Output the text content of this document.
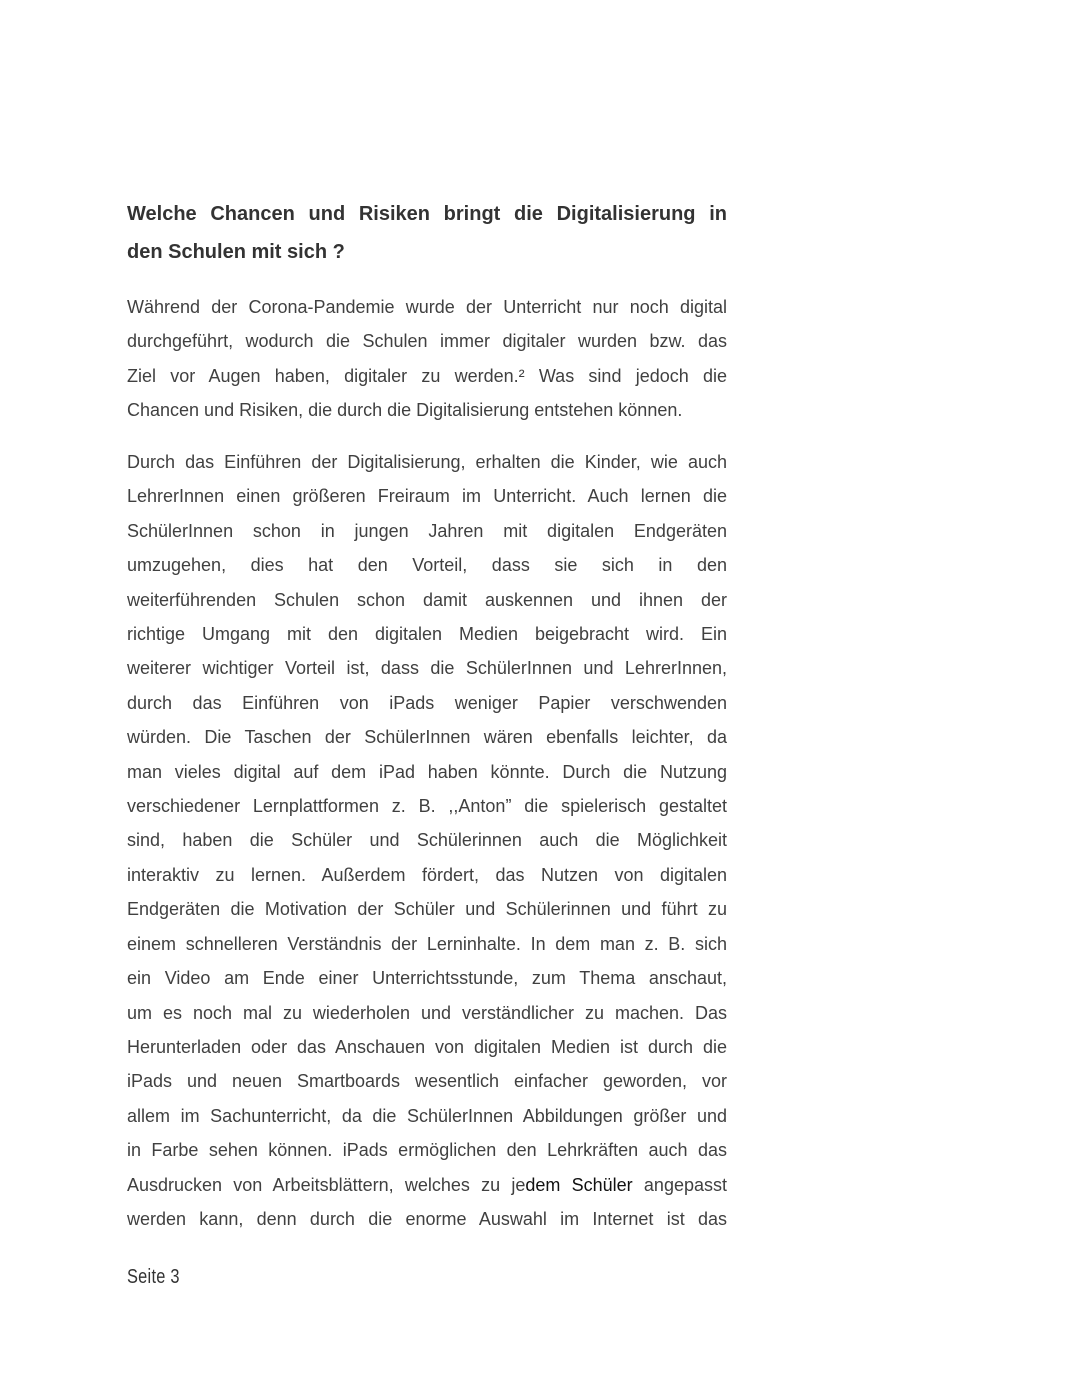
Welche Chancen und Risiken bringt die Digitalisierung in
den Schulen mit sich ?
Während der Corona-Pandemie wurde der Unterricht nur noch digital
durchgeführt, wodurch die Schulen immer digitaler wurden bzw. das
Ziel vor Augen haben, digitaler zu werden.² Was sind jedoch die
Chancen und Risiken, die durch die Digitalisierung entstehen können.
Durch das Einführen der Digitalisierung, erhalten die Kinder, wie auch
LehrerInnen einen größeren Freiraum im Unterricht. Auch lernen die
SchülerInnen schon in jungen Jahren mit digitalen Endgeräten
umzugehen, dies hat den Vorteil, dass sie sich in den
weiterführenden Schulen schon damit auskennen und ihnen der
richtige Umgang mit den digitalen Medien beigebracht wird. Ein
weiterer wichtiger Vorteil ist, dass die SchülerInnen und LehrerInnen,
durch das Einführen von iPads weniger Papier verschwenden
würden. Die Taschen der SchülerInnen wären ebenfalls leichter, da
man vieles digital auf dem iPad haben könnte. Durch die Nutzung
verschiedener Lernplattformen z. B. ,,Anton” die spielerisch gestaltet
sind, haben die Schüler und Schülerinnen auch die Möglichkeit
interaktiv zu lernen. Außerdem fördert, das Nutzen von digitalen
Endgeräten die Motivation der Schüler und Schülerinnen und führt zu
einem schnelleren Verständnis der Lerninhalte. In dem man z. B. sich
ein Video am Ende einer Unterrichtsstunde, zum Thema anschaut,
um es noch mal zu wiederholen und verständlicher zu machen. Das
Herunterladen oder das Anschauen von digitalen Medien ist durch die
iPads und neuen Smartboards wesentlich einfacher geworden, vor
allem im Sachunterricht, da die SchülerInnen Abbildungen größer und
in Farbe sehen können. iPads ermöglichen den Lehrkräften auch das
Ausdrucken von Arbeitsblättern, welches zu jedem Schüler angepasst
werden kann, denn durch die enorme Auswahl im Internet ist das
Seite 3
